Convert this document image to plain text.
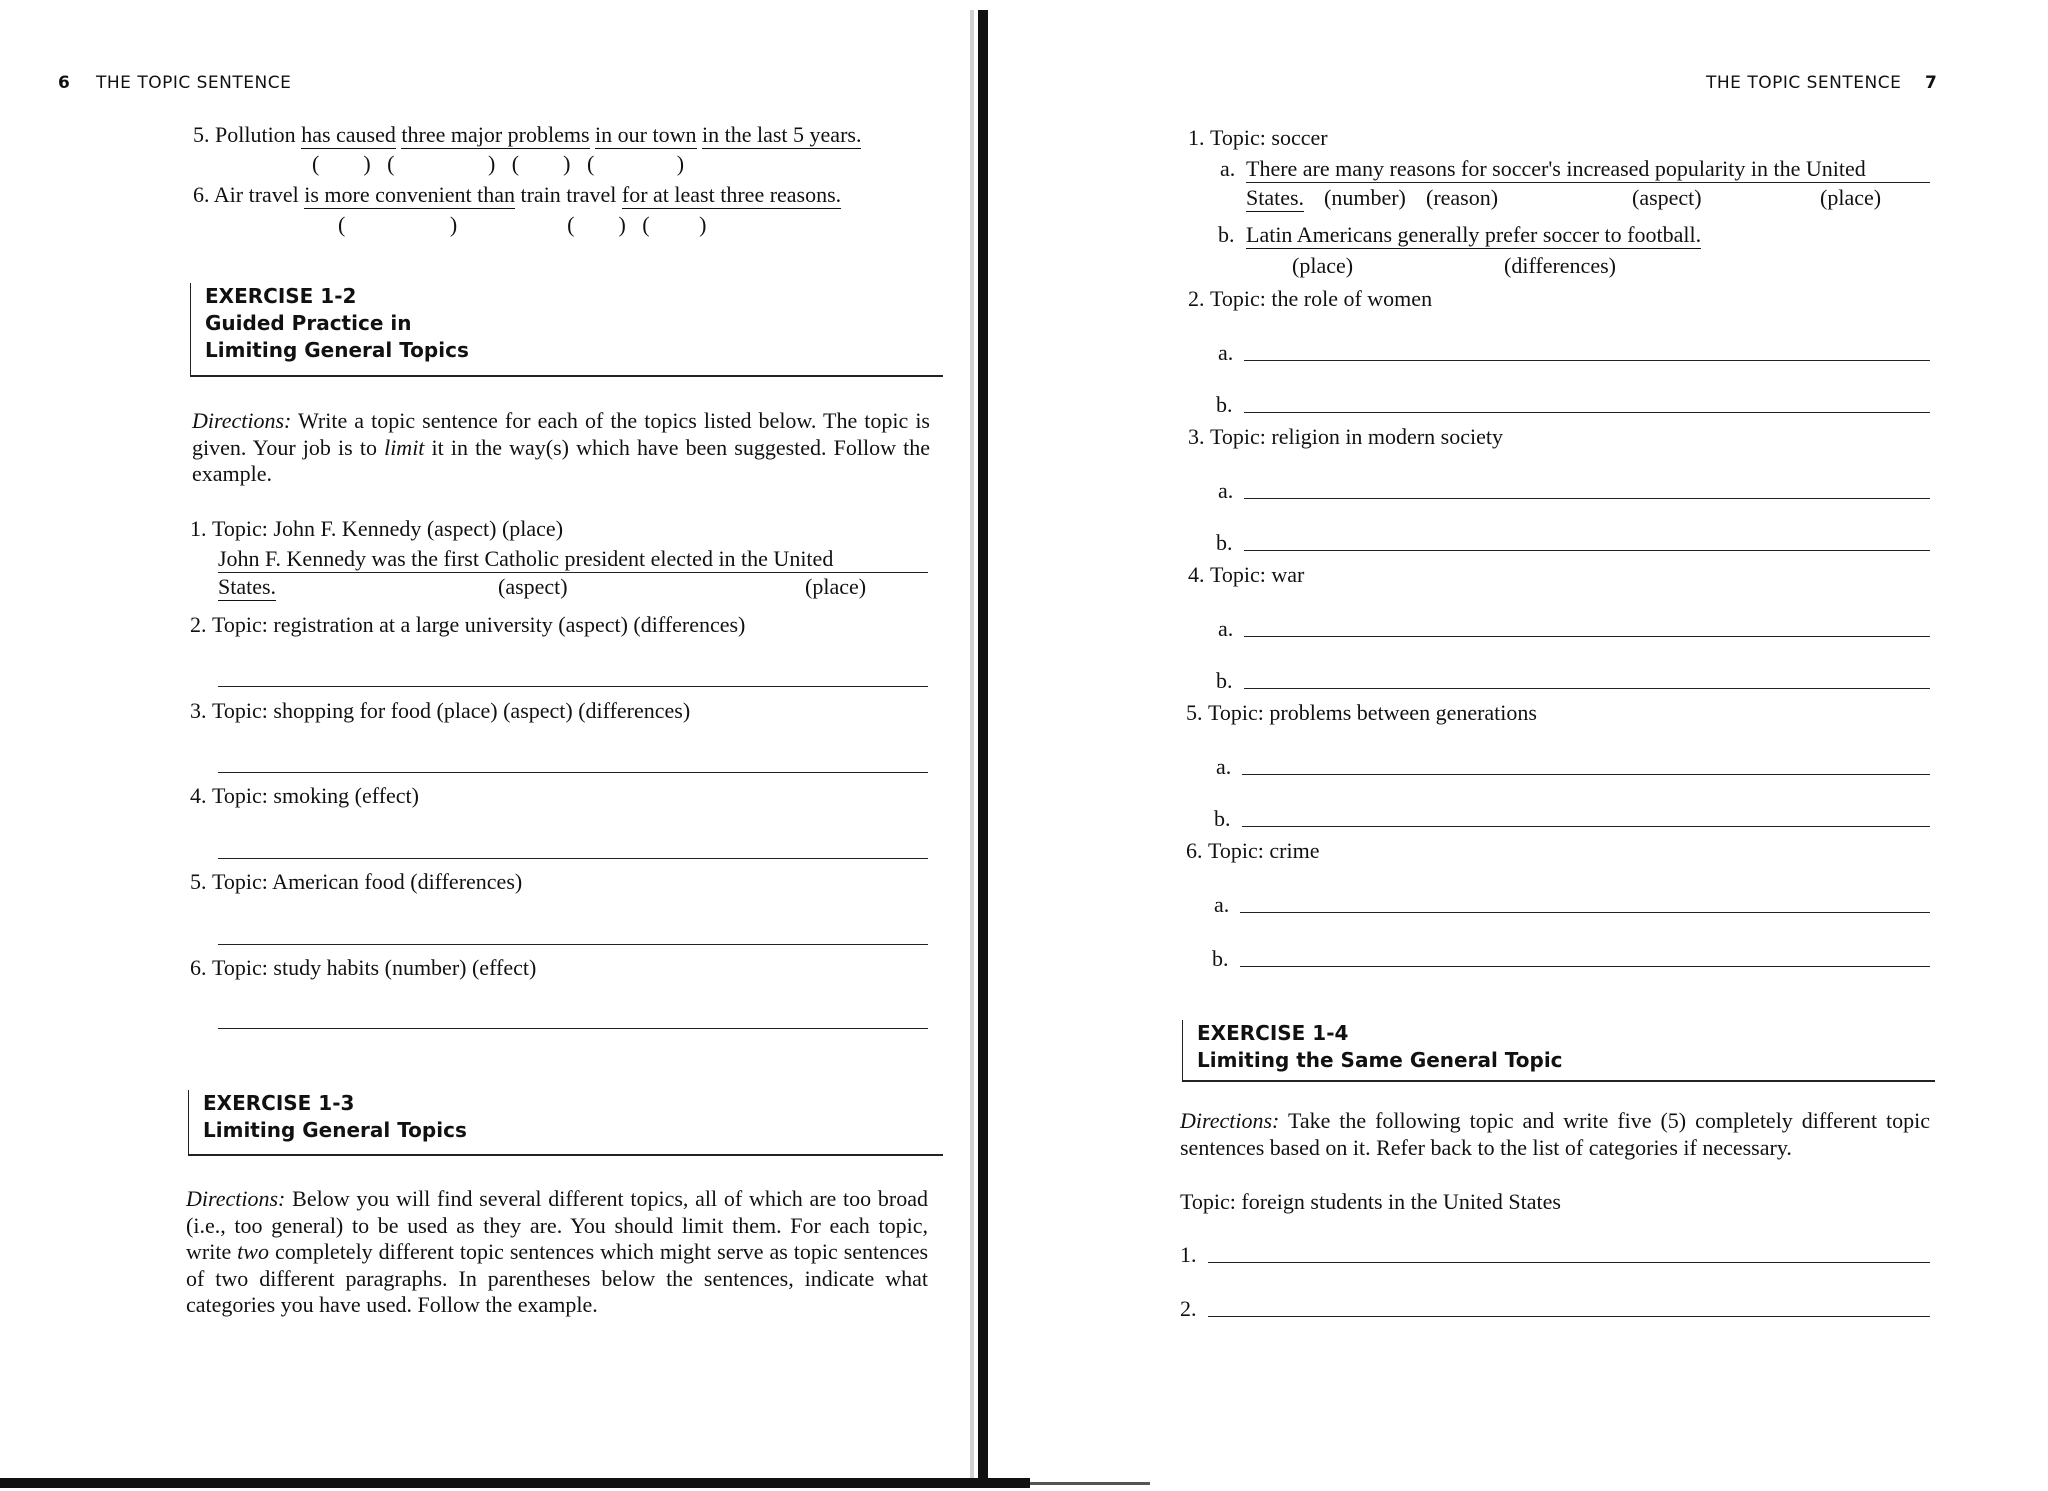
6 THE TOPIC SENTENCE
5. Pollution has caused three major problems in our town in the last 5 years.
(        )   (                 )   (        )   (               )
6. Air travel is more convenient than train travel for at least three reasons.
(                   )                    (        )   (         )
EXERCISE 1-2
Guided Practice in
Limiting General Topics
Directions: Write a topic sentence for each of the topics listed below. The topic is given. Your job is to limit it in the way(s) which have been suggested. Follow the example.
1. Topic: John F. Kennedy (aspect) (place)
John F. Kennedy was the first Catholic president elected in the United
States.	(aspect)	(place)
2. Topic: registration at a large university (aspect) (differences)
3. Topic: shopping for food (place) (aspect) (differences)
4. Topic: smoking (effect)
5. Topic: American food (differences)
6. Topic: study habits (number) (effect)
EXERCISE 1-3
Limiting General Topics
Directions: Below you will find several different topics, all of which are too broad (i.e., too general) to be used as they are. You should limit them. For each topic, write two completely different topic sentences which might serve as topic sentences of two different paragraphs. In parentheses below the sentences, indicate what categories you have used. Follow the example.
THE TOPIC SENTENCE 7
1. Topic: soccer
a. There are many reasons for soccer's increased popularity in the United
States. (number) (reason)	(aspect)	(place)
b. Latin Americans generally prefer soccer to football.
(place)	(differences)
2. Topic: the role of women
a.
b.
3. Topic: religion in modern society
a.
b.
4. Topic: war
a.
b.
5. Topic: problems between generations
a.
b.
6. Topic: crime
a.
b.
EXERCISE 1-4
Limiting the Same General Topic
Directions: Take the following topic and write five (5) completely different topic sentences based on it. Refer back to the list of categories if necessary.
Topic: foreign students in the United States
1.
2.
